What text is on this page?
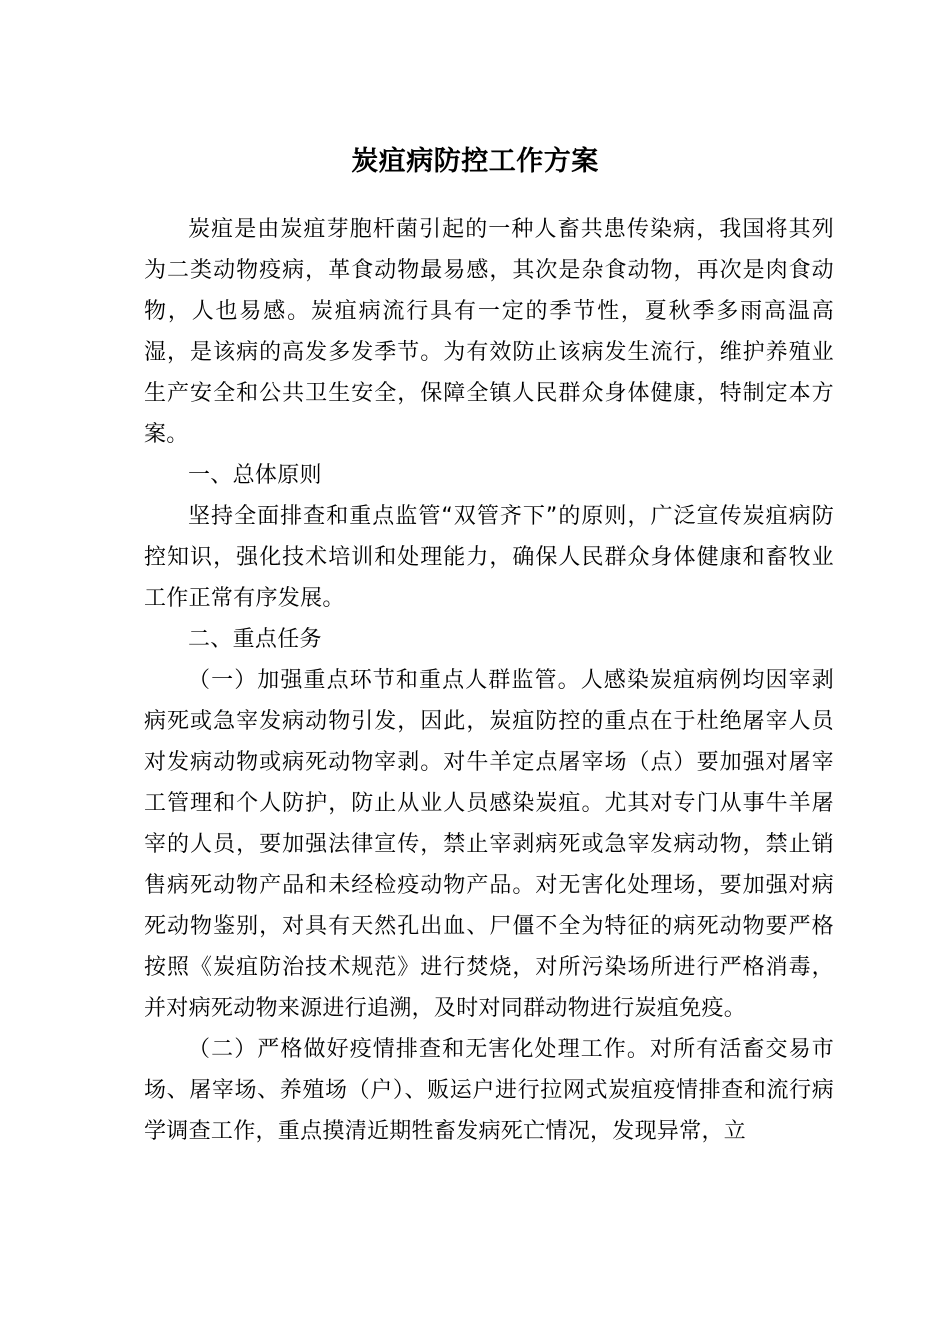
炭疽病防控工作方案

炭疽是由炭疽芽胞杆菌引起的一种人畜共患传染病，我国将其列为二类动物疫病，革食动物最易感，其次是杂食动物，再次是肉食动物，人也易感。炭疽病流行具有一定的季节性，夏秋季多雨高温高湿，是该病的高发多发季节。为有效防止该病发生流行，维护养殖业生产安全和公共卫生安全，保障全镇人民群众身体健康，特制定本方案。

一、总体原则

坚持全面排查和重点监管“双管齐下”的原则，广泛宣传炭疽病防控知识，强化技术培训和处理能力，确保人民群众身体健康和畜牧业工作正常有序发展。

二、重点任务

（一）加强重点环节和重点人群监管。人感染炭疽病例均因宰剥病死或急宰发病动物引发，因此，炭疽防控的重点在于杜绝屠宰人员对发病动物或病死动物宰剥。对牛羊定点屠宰场（点）要加强对屠宰工管理和个人防护，防止从业人员感染炭疽。尤其对专门从事牛羊屠宰的人员，要加强法律宣传，禁止宰剥病死或急宰发病动物，禁止销售病死动物产品和未经检疫动物产品。对无害化处理场，要加强对病死动物鉴别，对具有天然孔出血、尸僵不全为特征的病死动物要严格按照《炭疽防治技术规范》进行焚烧，对所污染场所进行严格消毒，并对病死动物来源进行追溯，及时对同群动物进行炭疽免疫。

（二）严格做好疫情排查和无害化处理工作。对所有活畜交易市场、屠宰场、养殖场（户）、贩运户进行拉网式炭疽疫情排查和流行病学调查工作，重点摸清近期牲畜发病死亡情况，发现异常，立
